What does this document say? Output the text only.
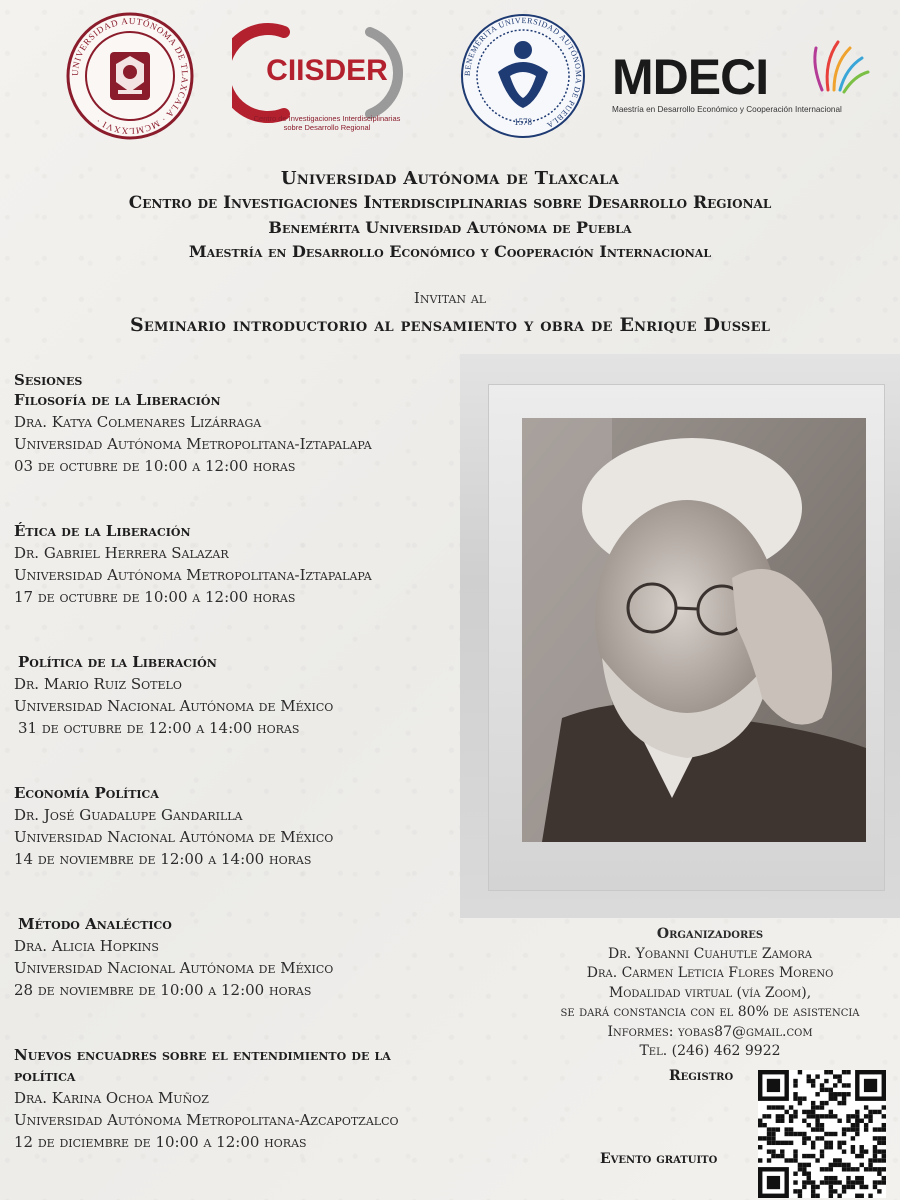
UNIVERSIDAD AUTÓNOMA DE TLAXCALA · MCMLXXVI ·
CIISDER
Centro de Investigaciones Interdisciplinarias
sobre Desarrollo Regional
BENEMÉRITA UNIVERSIDAD AUTÓNOMA DE PUEBLA
1578
MDECI
Maestría en Desarrollo Económico y Cooperación Internacional
Universidad Autónoma de Tlaxcala
Centro de Investigaciones Interdisciplinarias sobre Desarrollo Regional
Benemérita Universidad Autónoma de Puebla
Maestría en Desarrollo Económico y Cooperación Internacional
Invitan al
Seminario introductorio al pensamiento y obra de Enrique Dussel
Sesiones
Filosofía de la Liberación
Dra. Katya Colmenares Lizárraga
Universidad Autónoma Metropolitana-Iztapalapa
03 de octubre de 10:00 a 12:00 horas
Ética de la Liberación
Dr. Gabriel Herrera Salazar
Universidad Autónoma Metropolitana-Iztapalapa
17 de octubre de 10:00 a 12:00 horas
Política de la Liberación
Dr. Mario Ruiz Sotelo
Universidad Nacional Autónoma de México
31 de octubre de 12:00 a 14:00 horas
Economía Política
Dr. José Guadalupe Gandarilla
Universidad Nacional Autónoma de México
14 de noviembre de 12:00 a 14:00 horas
Método Analéctico
Dra. Alicia Hopkins
Universidad Nacional Autónoma de México
28 de noviembre de 10:00 a 12:00 horas
Nuevos encuadres sobre el entendimiento de la
política
Dra. Karina Ochoa Muñoz
Universidad Autónoma Metropolitana-Azcapotzalco
12 de diciembre de 10:00 a 12:00 horas
Organizadores
Dr. Yobanni Cuahutle Zamora
Dra. Carmen Leticia Flores Moreno
Modalidad virtual (vía Zoom),
se dará constancia con el 80% de asistencia
Informes: yobas87@gmail.com
Tel. (246) 462 9922
Registro
Evento gratuito
